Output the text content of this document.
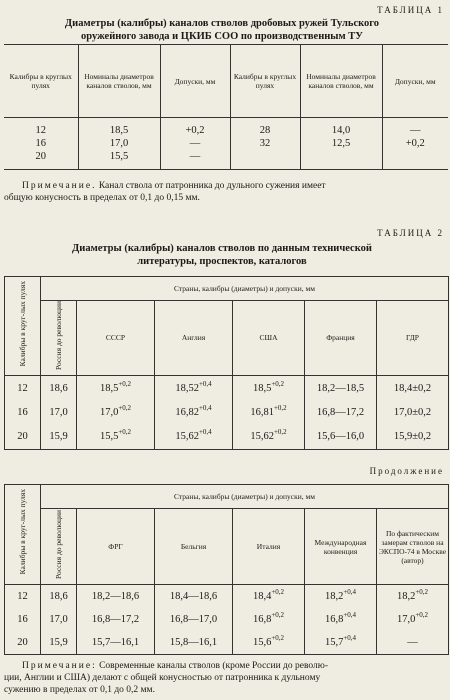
ТАБЛИЦА 1
Диаметры (калибры) каналов стволов дробовых ружей Тульского
оружейного завода и ЦКИБ СОО по производственным ТУ
Калибры в круглых пулях	Номиналы диаметров каналов стволов, мм	Допуски, мм	Калибры в круглых пулях	Номиналы диаметров каналов стволов, мм	Допуски, мм
12	18,5	+0,2	28	14,0	—
16	17,0	—	32	12,5	+0,2
20	15,5	—			
Примечание. Канал ствола от патронника до дульного сужения имеет
общую конусность в пределах от 0,1 до 0,15 мм.
ТАБЛИЦА 2
Диаметры (калибры) каналов стволов по данным технической
литературы, проспектов, каталогов
Калибры в круг-лых пулях	Страны, калибры (диаметры) и допуски, мм					
	Россия до революции	СССР	Англия	США	Франция	ГДР
12	18,6	$18,5^{+0,2}$	$18,52^{+0,4}$	$18,5^{+0,2}$	18,2—18,5	18,4±0,2
16	17,0	$17,0^{+0,2}$	$16,82^{+0,4}$	$16,81^{+0,2}$	16,8—17,2	17,0±0,2
20	15,9	$15,5^{+0,2}$	$15,62^{+0,4}$	$15,62^{+0,2}$	15,6—16,0	15,9±0,2
Продолжение
Калибры в круг-лых пулях	Страны, калибры (диаметры) и допуски, мм					
	Россия до революции	ФРГ	Бельгия	Италия	Международная конвенция	По фактическим замерам стволов на ЭКСПО-74 в Москве (автор)
12	18,6	18,2—18,6	18,4—18,6	$18,4^{+0,2}$	$18,2^{+0,4}$	$18,2^{+0,2}$
16	17,0	16,8—17,2	16,8—17,0	$16,8^{+0,2}$	$16,8^{+0,4}$	$17,0^{+0,2}$
20	15,9	15,7—16,1	15,8—16,1	$15,6^{+0,2}$	$15,7^{+0,4}$	—
Примечание: Современные каналы стволов (кроме России до револю-
ции, Англии и США) делают с общей конусностью от патронника к дульному
сужению в пределах от 0,1 до 0,2 мм.
